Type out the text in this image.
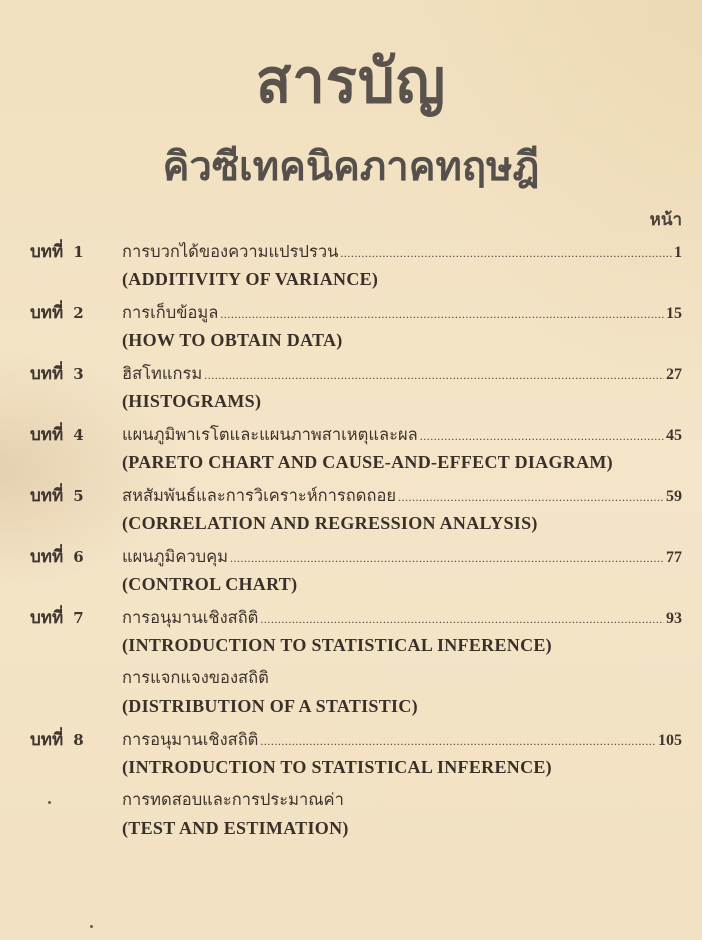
สารบัญ
คิวซีเทคนิคภาคทฤษฎี
หน้า
บทที่ 1	การบวกได้ของความแปรปรวน .....	1
(ADDITIVITY OF VARIANCE)
บทที่ 2	การเก็บข้อมูล .....	15
(HOW TO OBTAIN DATA)
บทที่ 3	ฮิสโทแกรม .....	27
(HISTOGRAMS)
บทที่ 4	แผนภูมิพาเรโตและแผนภาพสาเหตุและผล .....	45
(PARETO CHART AND CAUSE-AND-EFFECT DIAGRAM)
บทที่ 5	สหสัมพันธ์และการวิเคราะห์การถดถอย .....	59
(CORRELATION AND REGRESSION ANALYSIS)
บทที่ 6	แผนภูมิควบคุม .....	77
(CONTROL CHART)
บทที่ 7	การอนุมานเชิงสถิติ .....	93
(INTRODUCTION TO STATISTICAL INFERENCE)
การแจกแจงของสถิติ
(DISTRIBUTION OF A STATISTIC)
บทที่ 8	การอนุมานเชิงสถิติ .....	105
(INTRODUCTION TO STATISTICAL INFERENCE)
การทดสอบและการประมาณค่า
(TEST AND ESTIMATION)
